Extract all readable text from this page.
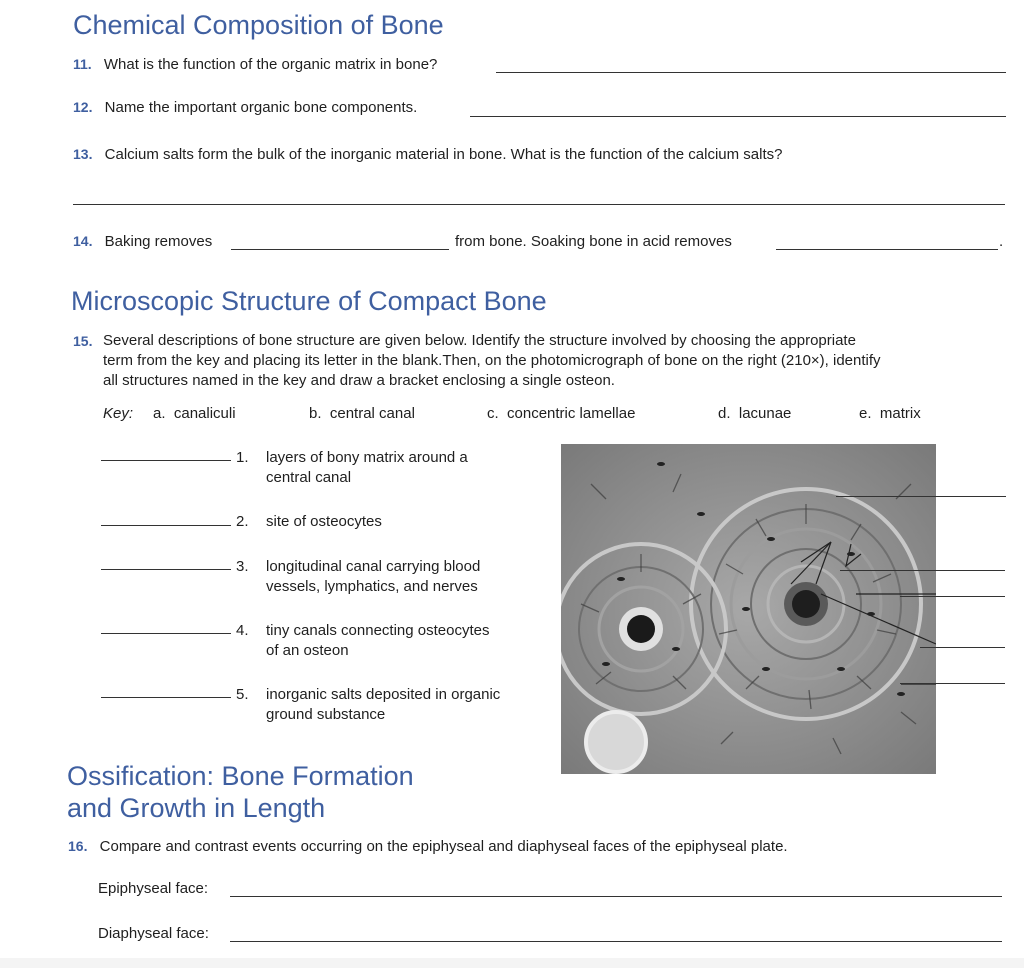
Chemical Composition of Bone
11. What is the function of the organic matrix in bone?
12. Name the important organic bone components.
13. Calcium salts form the bulk of the inorganic material in bone. What is the function of the calcium salts?
14. Baking removes	from bone. Soaking bone in acid removes	.
Microscopic Structure of Compact Bone
15. Several descriptions of bone structure are given below. Identify the structure involved by choosing the appropriate
term from the key and placing its letter in the blank.Then, on the photomicrograph of bone on the right (210×), identify
all structures named in the key and draw a bracket enclosing a single osteon.
Key: a. canaliculi	b. central canal	c. concentric lamellae	d. lacunae	e. matrix
1. layers of bony matrix around a
central canal
2. site of osteocytes
3. longitudinal canal carrying blood
vessels, lymphatics, and nerves
4. tiny canals connecting osteocytes
of an osteon
5. inorganic salts deposited in organic
ground substance
Ossification: Bone Formation
and Growth in Length
16. Compare and contrast events occurring on the epiphyseal and diaphyseal faces of the epiphyseal plate.
Epiphyseal face:
Diaphyseal face:
